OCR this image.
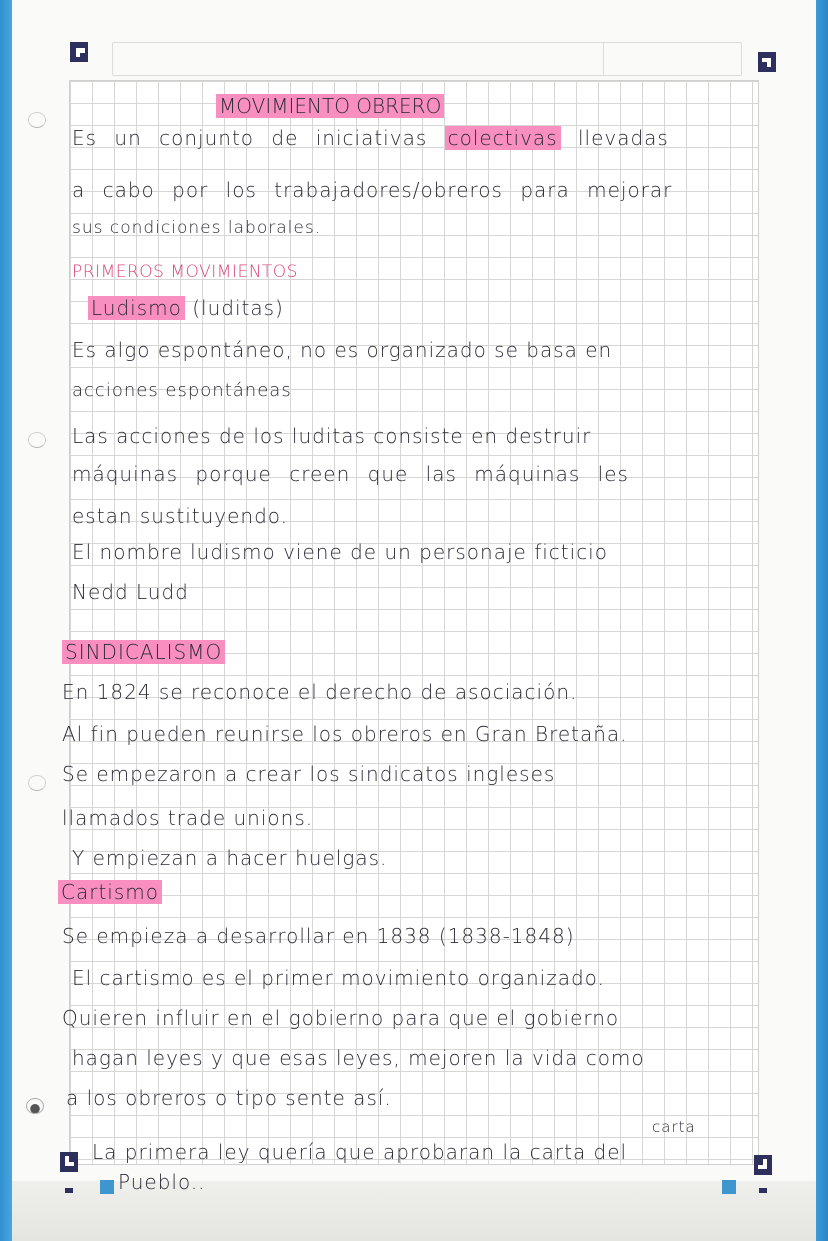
MOVIMIENTO OBRERO
Es un conjunto de iniciativas colectivas llevadas
a cabo por los trabajadores/obreros para mejorar
sus condiciones laborales.
PRIMEROS MOVIMIENTOS
Ludismo (luditas)
Es algo espontáneo, no es organizado se basa en
acciones espontáneas
Las acciones de los luditas consiste en destruir
máquinas porque creen que las máquinas les
estan sustituyendo.
El nombre ludismo viene de un personaje ficticio
Nedd Ludd
SINDICALISMO
En 1824 se reconoce el derecho de asociación.
Al fin pueden reunirse los obreros en Gran Bretaña.
Se empezaron a crear los sindicatos ingleses
llamados trade unions.
Y empiezan a hacer huelgas.
Cartismo
Se empieza a desarrollar en 1838 (1838-1848)
El cartismo es el primer movimiento organizado.
Quieren influir en el gobierno para que el gobierno
hagan leyes y que esas leyes, mejoren la vida como
a los obreros o tipo sente así.
carta
La primera ley quería que aprobaran la carta del
Pueblo..
